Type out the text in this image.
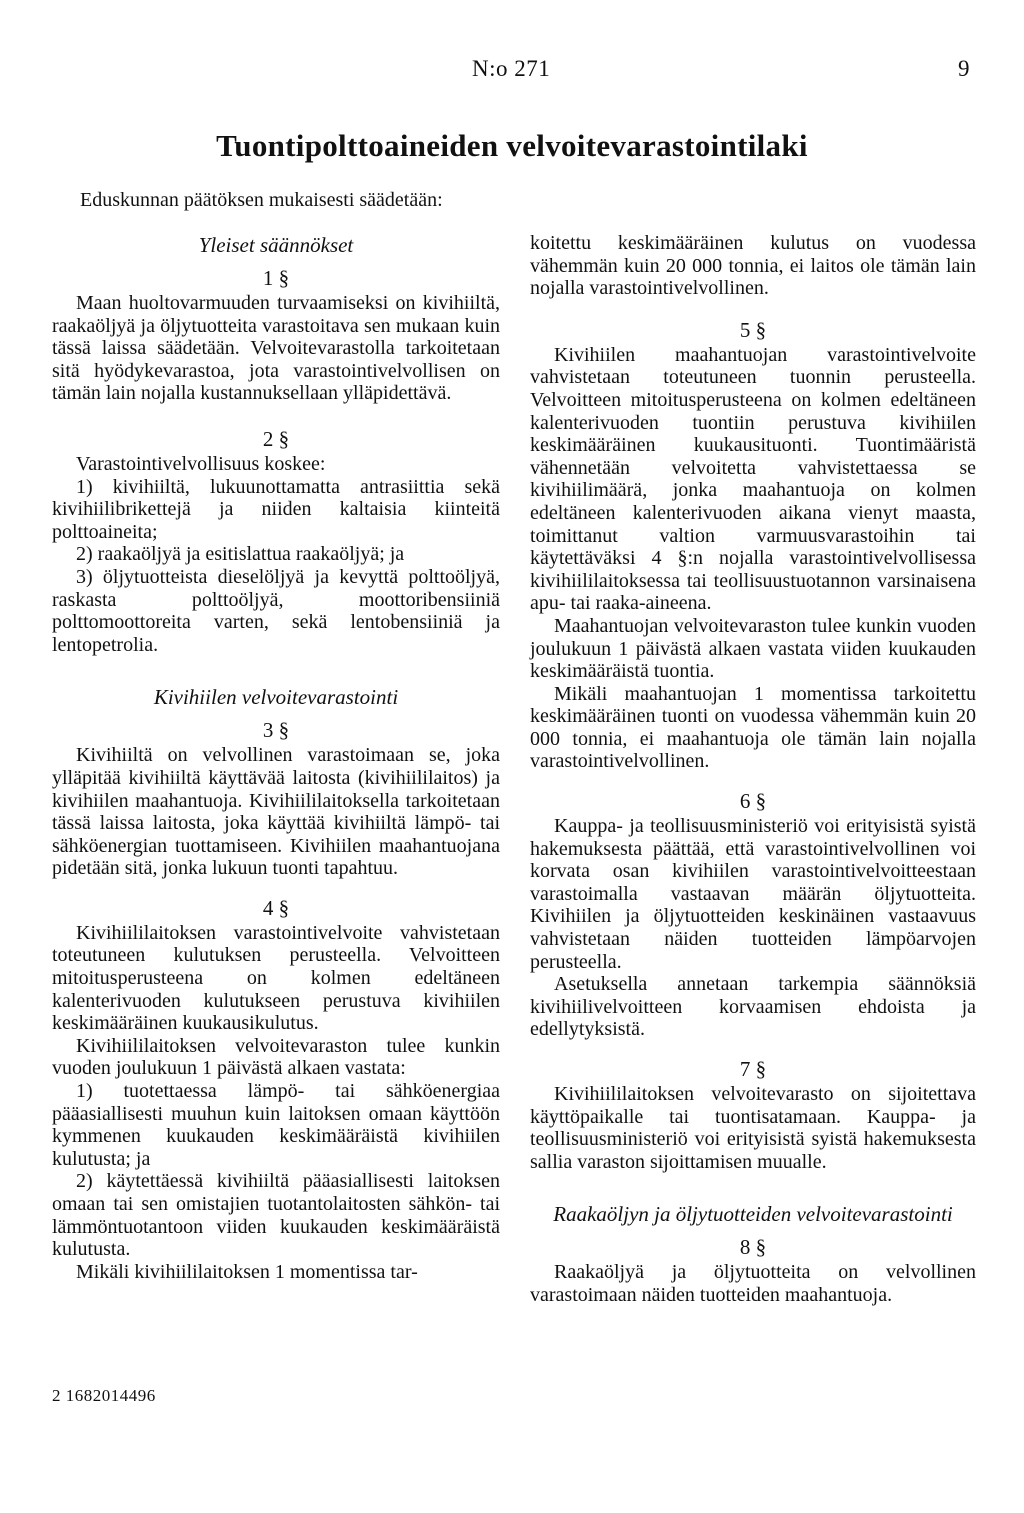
N:o 271	9
Tuontipolttoaineiden velvoitevarastointilaki

Eduskunnan päätöksen mukaisesti säädetään:

Yleiset säännökset
1 §

Maan huoltovarmuuden turvaamiseksi on kivihiiltä, raakaöljyä ja öljytuotteita varastoitava sen mukaan kuin tässä laissa säädetään. Velvoitevarastolla tarkoitetaan sitä hyödykevarastoa, jota varastointivelvollisen on tämän lain nojalla kustannuksellaan ylläpidettävä.

2 §

Varastointivelvollisuus koskee:

1) kivihiiltä, lukuunottamatta antrasiittia sekä kivihiilibrikettejä ja niiden kaltaisia kiinteitä polttoaineita;

2) raakaöljyä ja esitislattua raakaöljyä; ja

3) öljytuotteista dieselöljyä ja kevyttä polttoöljyä, raskasta polttoöljyä, moottoribensiiniä polttomoottoreita varten, sekä lentobensiiniä ja lentopetrolia.

Kivihiilen velvoitevarastointi
3 §

Kivihiiltä on velvollinen varastoimaan se, joka ylläpitää kivihiiltä käyttävää laitosta (kivihiililaitos) ja kivihiilen maahantuoja. Kivihiililaitoksella tarkoitetaan tässä laissa laitosta, joka käyttää kivihiiltä lämpö- tai sähköenergian tuottamiseen. Kivihiilen maahantuojana pidetään sitä, jonka lukuun tuonti tapahtuu.

4 §

Kivihiililaitoksen varastointivelvoite vahvistetaan toteutuneen kulutuksen perusteella. Velvoitteen mitoitusperusteena on kolmen edeltäneen kalenterivuoden kulutukseen perustuva kivihiilen keskimääräinen kuukausikulutus.

Kivihiililaitoksen velvoitevaraston tulee kunkin vuoden joulukuun 1 päivästä alkaen vastata:

1) tuotettaessa lämpö- tai sähköenergiaa pääasiallisesti muuhun kuin laitoksen omaan käyttöön kymmenen kuukauden keskimääräistä kivihiilen kulutusta; ja

2) käytettäessä kivihiiltä pääasiallisesti laitoksen omaan tai sen omistajien tuotantolaitosten sähkön- tai lämmöntuotantoon viiden kuukauden keskimääräistä kulutusta.

Mikäli kivihiililaitoksen 1 momentissa tar-

koitettu keskimääräinen kulutus on vuodessa vähemmän kuin 20 000 tonnia, ei laitos ole tämän lain nojalla varastointivelvollinen.

5 §

Kivihiilen maahantuojan varastointivelvoite vahvistetaan toteutuneen tuonnin perusteella. Velvoitteen mitoitusperusteena on kolmen edeltäneen kalenterivuoden tuontiin perustuva kivihiilen keskimääräinen kuukausituonti. Tuontimääristä vähennetään velvoitetta vahvistettaessa se kivihiilimäärä, jonka maahantuoja on kolmen edeltäneen kalenterivuoden aikana vienyt maasta, toimittanut valtion varmuusvarastoihin tai käytettäväksi 4 §:n nojalla varastointivelvollisessa kivihiililaitoksessa tai teollisuustuotannon varsinaisena apu- tai raaka-aineena.

Maahantuojan velvoitevaraston tulee kunkin vuoden joulukuun 1 päivästä alkaen vastata viiden kuukauden keskimääräistä tuontia.

Mikäli maahantuojan 1 momentissa tarkoitettu keskimääräinen tuonti on vuodessa vähemmän kuin 20 000 tonnia, ei maahantuoja ole tämän lain nojalla varastointivelvollinen.

6 §

Kauppa- ja teollisuusministeriö voi erityisistä syistä hakemuksesta päättää, että varastointivelvollinen voi korvata osan kivihiilen varastointivelvoitteestaan varastoimalla vastaavan määrän öljytuotteita. Kivihiilen ja öljytuotteiden keskinäinen vastaavuus vahvistetaan näiden tuotteiden lämpöarvojen perusteella.

Asetuksella annetaan tarkempia säännöksiä kivihiilivelvoitteen korvaamisen ehdoista ja edellytyksistä.

7 §

Kivihiililaitoksen velvoitevarasto on sijoitettava käyttöpaikalle tai tuontisatamaan. Kauppa- ja teollisuusministeriö voi erityisistä syistä hakemuksesta sallia varaston sijoittamisen muualle.

Raakaöljyn ja öljytuotteiden velvoitevarastointi
8 §

Raakaöljyä ja öljytuotteita on velvollinen varastoimaan näiden tuotteiden maahantuoja.

2 1682014496
